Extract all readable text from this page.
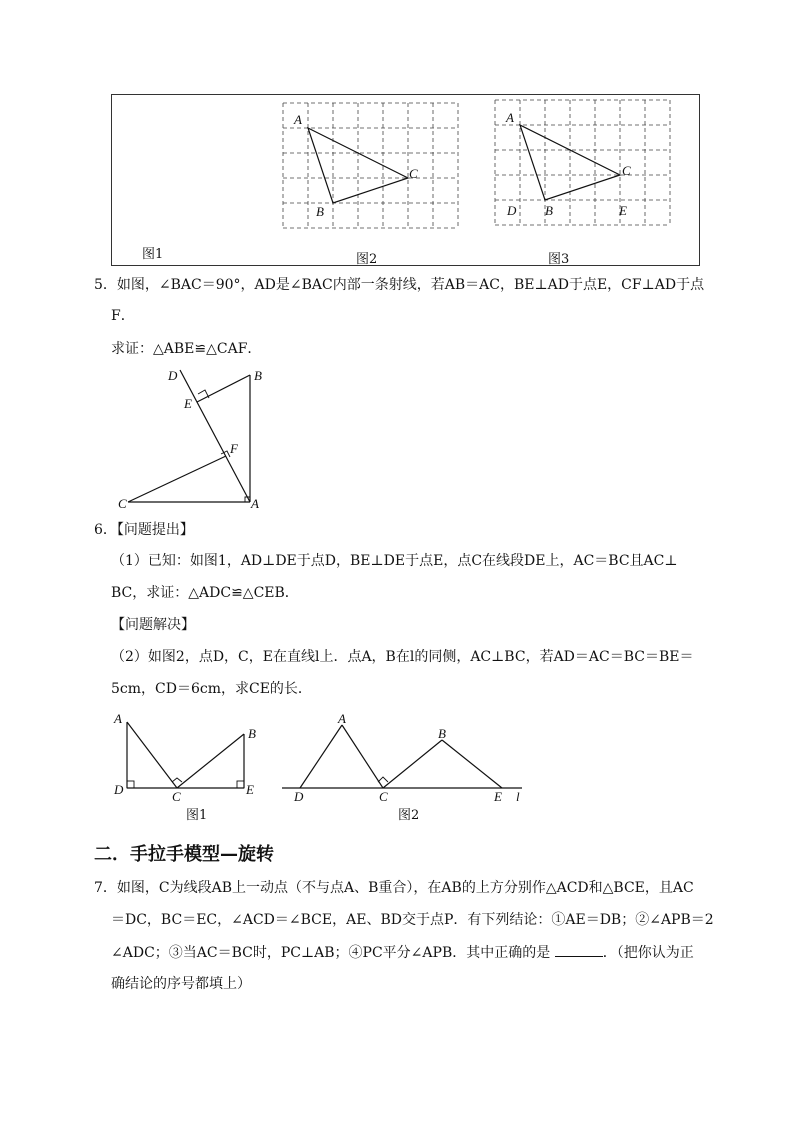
图1	图2	图3
A
C
B
A
C
D B	E
5．如图，∠BAC＝90°，AD是∠BAC内部一条射线，若AB＝AC，BE⊥AD于点E，CF⊥AD于点
F．
求证：△ABE≌△CAF．
D	B
E
F
C	A
6．【问题提出】
（1）已知：如图1，AD⊥DE于点D，BE⊥DE于点E，点C在线段DE上，AC＝BC且AC⊥
BC，求证：△ADC≌△CEB．
【问题解决】
（2）如图2，点D，C，E在直线l上．点A，B在l的同侧，AC⊥BC，若AD＝AC＝BC＝BE＝
5cm，CD＝6cm，求CE的长．
A
B
D	C	E
图1
A
B
D	C	E l
图2
二．手拉手模型—旋转
7．如图，C为线段AB上一动点（不与点A、B重合），在AB的上方分别作△ACD和△BCE，且AC
＝DC，BC＝EC，∠ACD＝∠BCE，AE、BD交于点P．有下列结论：①AE＝DB；②∠APB＝2
∠ADC；③当AC＝BC时，PC⊥AB；④PC平分∠APB．其中正确的是	．（把你认为正
确结论的序号都填上）
